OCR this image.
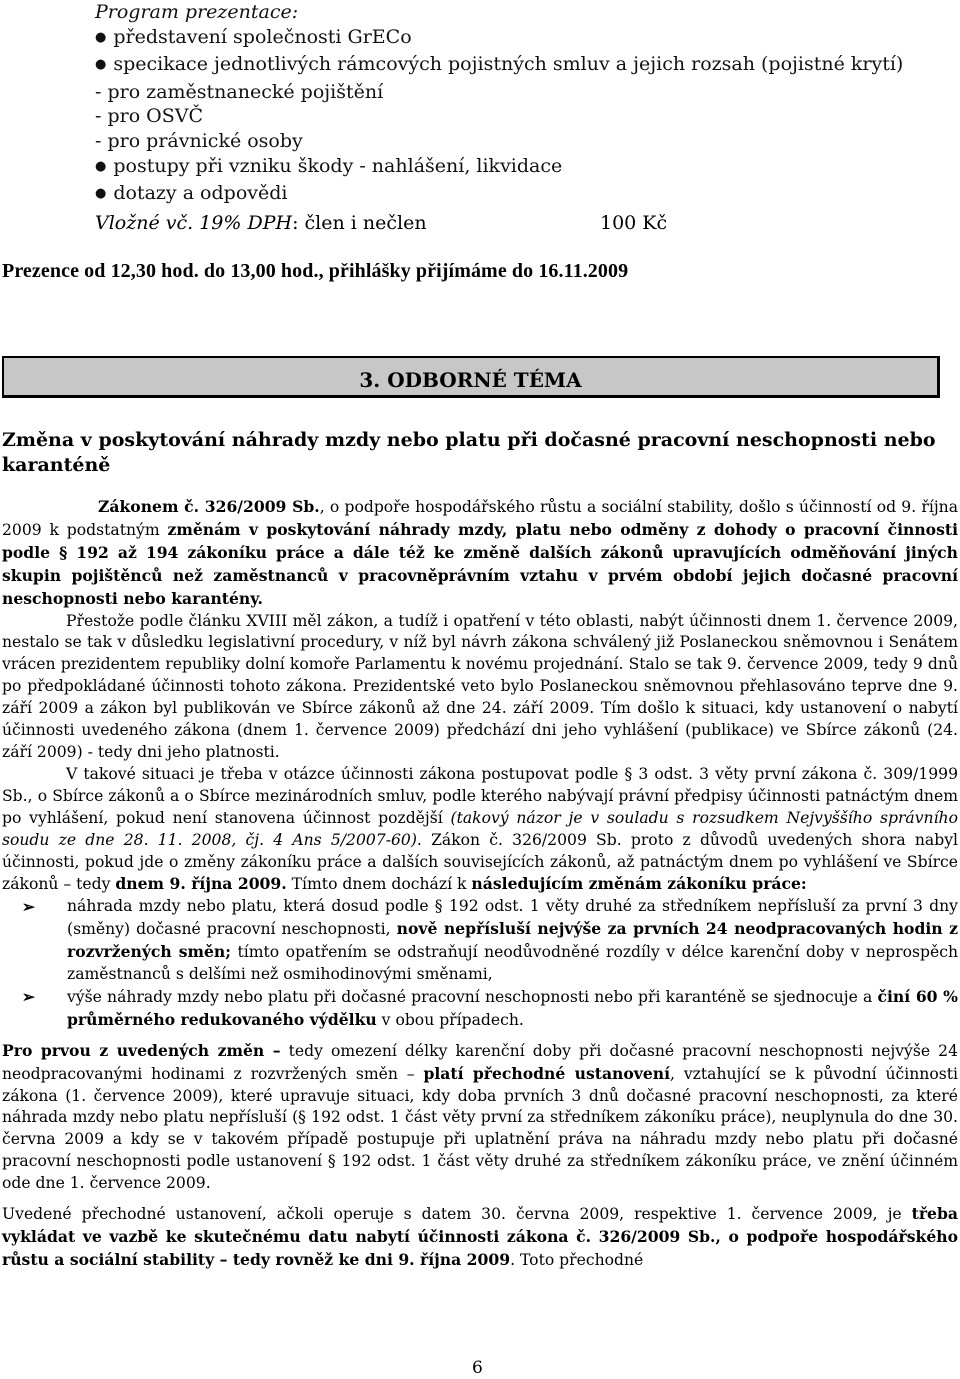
Program prezentace:
● představení společnosti GrECo
● specikace jednotlivých rámcových pojistných smluv a jejich rozsah (pojistné krytí)
- pro zaměstnanecké pojištění
- pro OSVČ
- pro právnické osoby
● postupy při vzniku škody - nahlášení, likvidace
● dotazy a odpovědi
Vložné vč. 19% DPH: člen i nečlen	100 Kč
Prezence od 12,30 hod. do 13,00 hod., přihlášky přijímáme do 16.11.2009
3. ODBORNÉ TÉMA
Změna v poskytování náhrady mzdy nebo platu při dočasné pracovní neschopnosti nebo karanténě

Zákonem č. 326/2009 Sb., o podpoře hospodářského růstu a sociální stability, došlo s účinností od 9. října 2009 k podstatným změnám v poskytování náhrady mzdy, platu nebo odměny z dohody o pracovní činnosti podle § 192 až 194 zákoníku práce a dále též ke změně dalších zákonů upravujících odměňování jiných skupin pojištěnců než zaměstnanců v pracovněprávním vztahu v prvém období jejich dočasné pracovní neschopnosti nebo karantény.

Přestože podle článku XVIII měl zákon, a tudíž i opatření v této oblasti, nabýt účinnosti dnem 1. července 2009, nestalo se tak v důsledku legislativní procedury, v níž byl návrh zákona schválený již Poslaneckou sněmovnou i Senátem vrácen prezidentem republiky dolní komoře Parlamentu k novému projednání. Stalo se tak 9. července 2009, tedy 9 dnů po předpokládané účinnosti tohoto zákona. Prezidentské veto bylo Poslaneckou sněmovnou přehlasováno teprve dne 9. září 2009 a zákon byl publikován ve Sbírce zákonů až dne 24. září 2009. Tím došlo k situaci, kdy ustanovení o nabytí účinnosti uvedeného zákona (dnem 1. července 2009) předchází dni jeho vyhlášení (publikace) ve Sbírce zákonů (24. září 2009) - tedy dni jeho platnosti.

V takové situaci je třeba v otázce účinnosti zákona postupovat podle § 3 odst. 3 věty první zákona č. 309/1999 Sb., o Sbírce zákonů a o Sbírce mezinárodních smluv, podle kterého nabývají právní předpisy účinnosti patnáctým dnem po vyhlášení, pokud není stanovena účinnost pozdější (takový názor je v souladu s rozsudkem Nejvyššího správního soudu ze dne 28. 11. 2008, čj. 4 Ans 5/2007-60). Zákon č. 326/2009 Sb. proto z důvodů uvedených shora nabyl účinnosti, pokud jde o změny zákoníku práce a dalších souvisejících zákonů, až patnáctým dnem po vyhlášení ve Sbírce zákonů – tedy dnem 9. října 2009. Tímto dnem dochází k následujícím změnám zákoníku práce:

➢ náhrada mzdy nebo platu, která dosud podle § 192 odst. 1 věty druhé za středníkem nepřísluší za první 3 dny (směny) dočasné pracovní neschopnosti, nově nepřísluší nejvýše za prvních 24 neodpracovaných hodin z rozvržených směn; tímto opatřením se odstraňují neodůvodněné rozdíly v délce karenční doby v neprospěch zaměstnanců s delšími než osmihodinovými směnami,
➢ výše náhrady mzdy nebo platu při dočasné pracovní neschopnosti nebo při karanténě se sjednocuje a činí 60 % průměrného redukovaného výdělku v obou případech.

Pro prvou z uvedených změn – tedy omezení délky karenční doby při dočasné pracovní neschopnosti nejvýše 24 neodpracovanými hodinami z rozvržených směn – platí přechodné ustanovení, vztahující se k původní účinnosti zákona (1. července 2009), které upravuje situaci, kdy doba prvních 3 dnů dočasné pracovní neschopnosti, za které náhrada mzdy nebo platu nepřísluší (§ 192 odst. 1 část věty první za středníkem zákoníku práce), neuplynula do dne 30. června 2009 a kdy se v takovém případě postupuje při uplatnění práva na náhradu mzdy nebo platu při dočasné pracovní neschopnosti podle ustanovení § 192 odst. 1 část věty druhé za středníkem zákoníku práce, ve znění účinném ode dne 1. července 2009.

Uvedené přechodné ustanovení, ačkoli operuje s datem 30. června 2009, respektive 1. července 2009, je třeba vykládat ve vazbě ke skutečnému datu nabytí účinnosti zákona č. 326/2009 Sb., o podpoře hospodářského růstu a sociální stability – tedy rovněž ke dni 9. října 2009. Toto přechodné

6
